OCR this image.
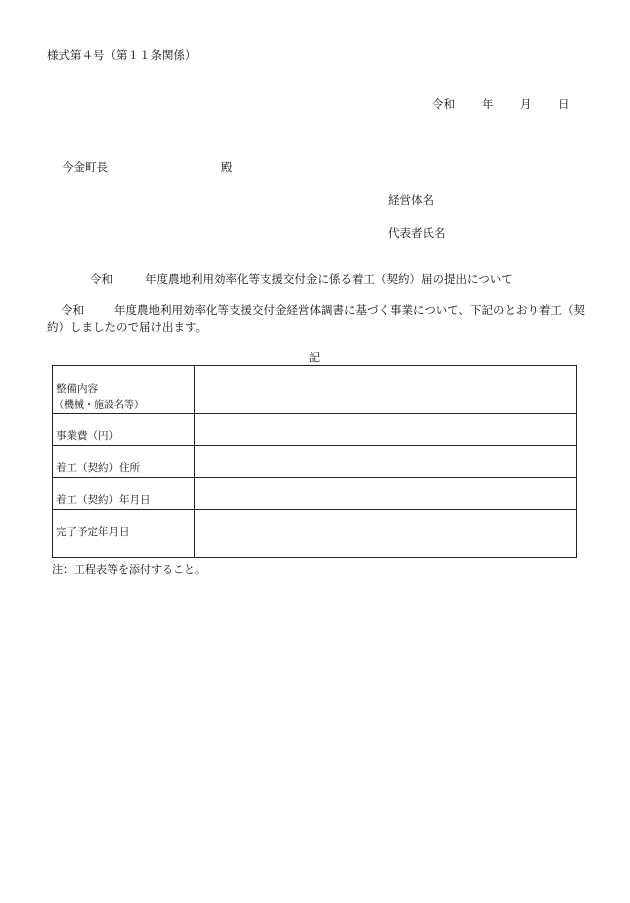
様式第４号（第１１条関係）
令和	年	月	日
今金町長	殿
経営体名
代表者氏名
令和	年度農地利用効率化等支援交付金に係る着工（契約）届の提出について
令和	年度農地利用効率化等支援交付金経営体調書に基づく事業について、下記のとおり着工（契約）しましたので届け出ます。
記
整備内容
（機械・施設名等）	

事業費（円）	

着工（契約）住所	

着工（契約）年月日	

完了予定年月日	

注：工程表等を添付すること。
